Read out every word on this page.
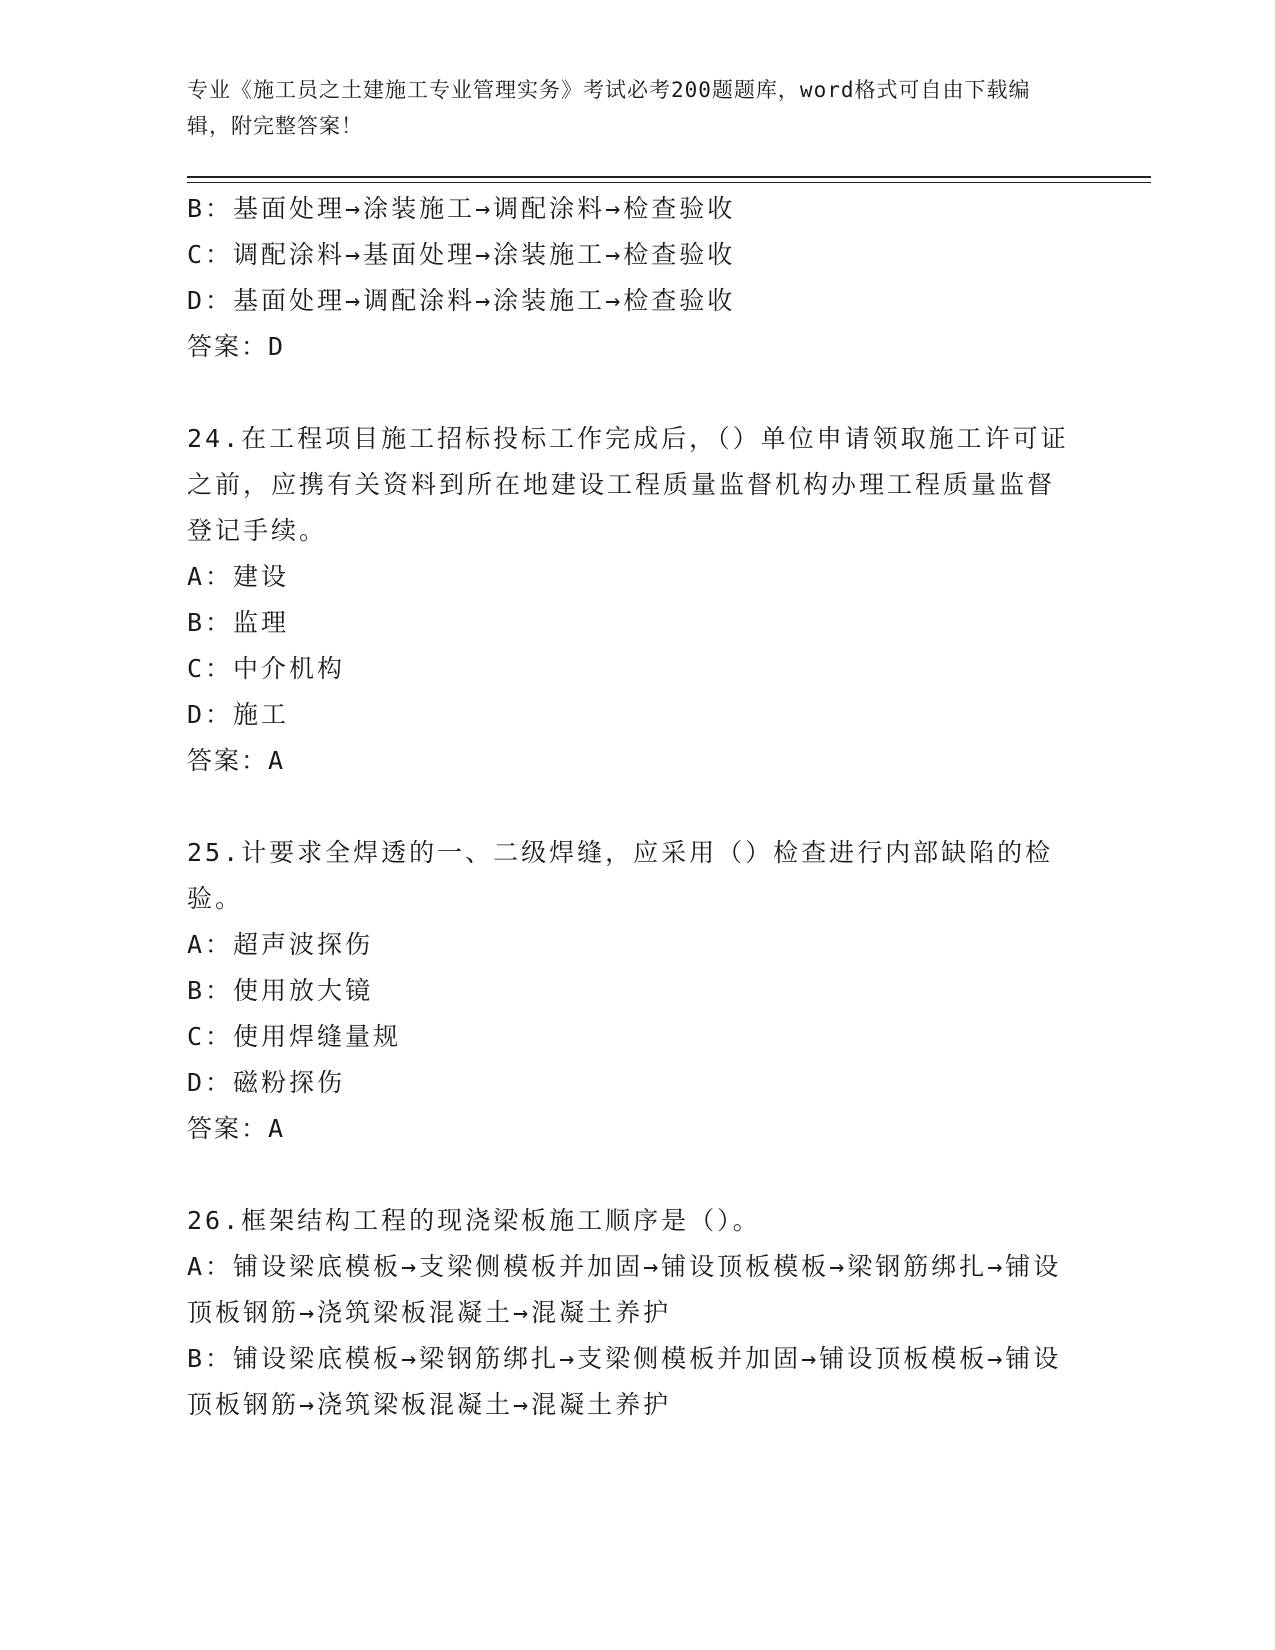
专业《施工员之土建施工专业管理实务》考试必考200题题库，word格式可自由下载编辑，附完整答案！
B：基面处理→涂装施工→调配涂料→检查验收
C：调配涂料→基面处理→涂装施工→检查验收
D：基面处理→调配涂料→涂装施工→检查验收
答案：D
24.在工程项目施工招标投标工作完成后，（）单位申请领取施工许可证之前，应携有关资料到所在地建设工程质量监督机构办理工程质量监督登记手续。
A：建设
B：监理
C：中介机构
D：施工
答案：A
25.计要求全焊透的一、二级焊缝，应采用（）检查进行内部缺陷的检验。
A：超声波探伤
B：使用放大镜
C：使用焊缝量规
D：磁粉探伤
答案：A
26.框架结构工程的现浇梁板施工顺序是（）。
A：铺设梁底模板→支梁侧模板并加固→铺设顶板模板→梁钢筋绑扎→铺设顶板钢筋→浇筑梁板混凝土→混凝土养护
B：铺设梁底模板→梁钢筋绑扎→支梁侧模板并加固→铺设顶板模板→铺设顶板钢筋→浇筑梁板混凝土→混凝土养护
